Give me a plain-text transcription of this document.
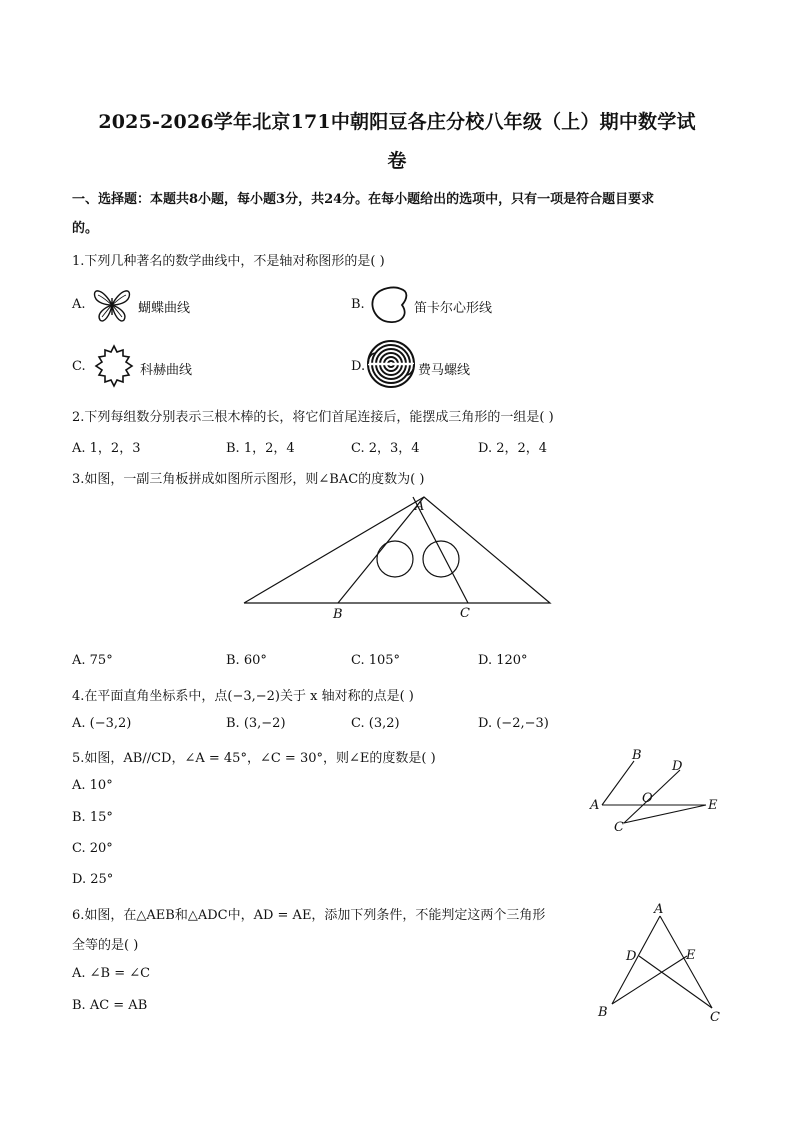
2025-2026学年北京171中朝阳豆各庄分校八年级（上）期中数学试
卷
一、选择题：本题共8小题，每小题3分，共24分。在每小题给出的选项中，只有一项是符合题目要求
的。
1.下列几种著名的数学曲线中，不是轴对称图形的是( )
A.	蝴蝶曲线	B.	笛卡尔心形线
C.	科赫曲线	D.	费马螺线
2.下列每组数分别表示三根木棒的长，将它们首尾连接后，能摆成三角形的一组是( )
A. 1，2，3	B. 1，2，4	C. 2，3，4	D. 2，2，4
3.如图，一副三角板拼成如图所示图形，则∠BAC的度数为( )
A
B	C
A. 75°	B. 60°	C. 105°	D. 120°
4.在平面直角坐标系中，点(−3,−2)关于 x 轴对称的点是( )
A. (−3,2)	B. (3,−2)	C. (3,2)	D. (−2,−3)
5.如图，AB//CD，∠A = 45°，∠C = 30°，则∠E的度数是( )
A. 10°
B. 15°
C. 20°
D. 25°
A
B
C
D
E
O
6.如图，在△AEB和△ADC中，AD = AE，添加下列条件，不能判定这两个三角形
全等的是( )
A. ∠B = ∠C
B. AC = AB
A
B	C
D	E
